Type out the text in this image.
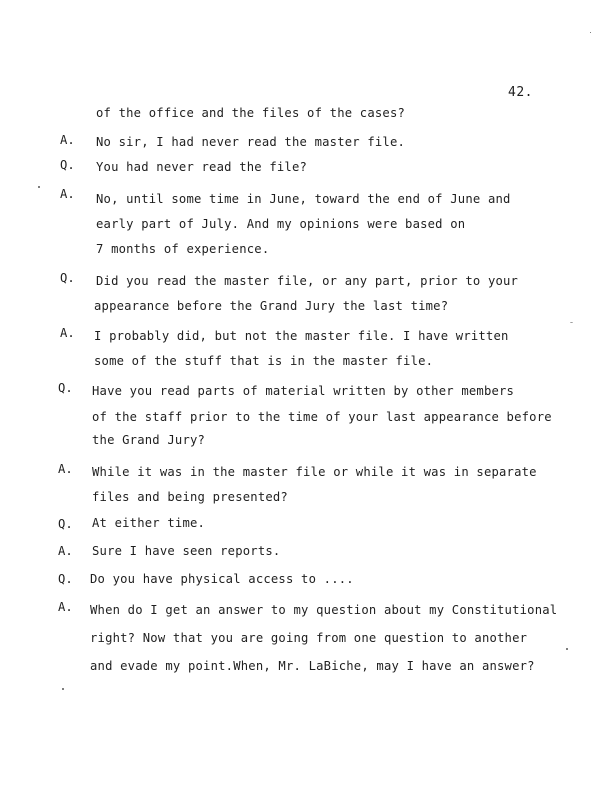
42.
of the office and the files of the cases?
A. No sir, I had never read the master file.
Q. You had never read the file?
A. No, until some time in June, toward the end of June and
early part of July. And my opinions were based on
7 months of experience.
Q. Did you read the master file, or any part, prior to your
appearance before the Grand Jury the last time?
A. I probably did, but not the master file. I have written
some of the stuff that is in the master file.
Q. Have you read parts of material written by other members
of the staff prior to the time of your last appearance before
the Grand Jury?
A. While it was in the master file or while it was in separate
files and being presented?
Q. At either time.
A. Sure I have seen reports.
Q. Do you have physical access to ....
A. When do I get an answer to my question about my Constitutional
right? Now that you are going from one question to another
and evade my point.When, Mr. LaBiche, may I have an answer?
